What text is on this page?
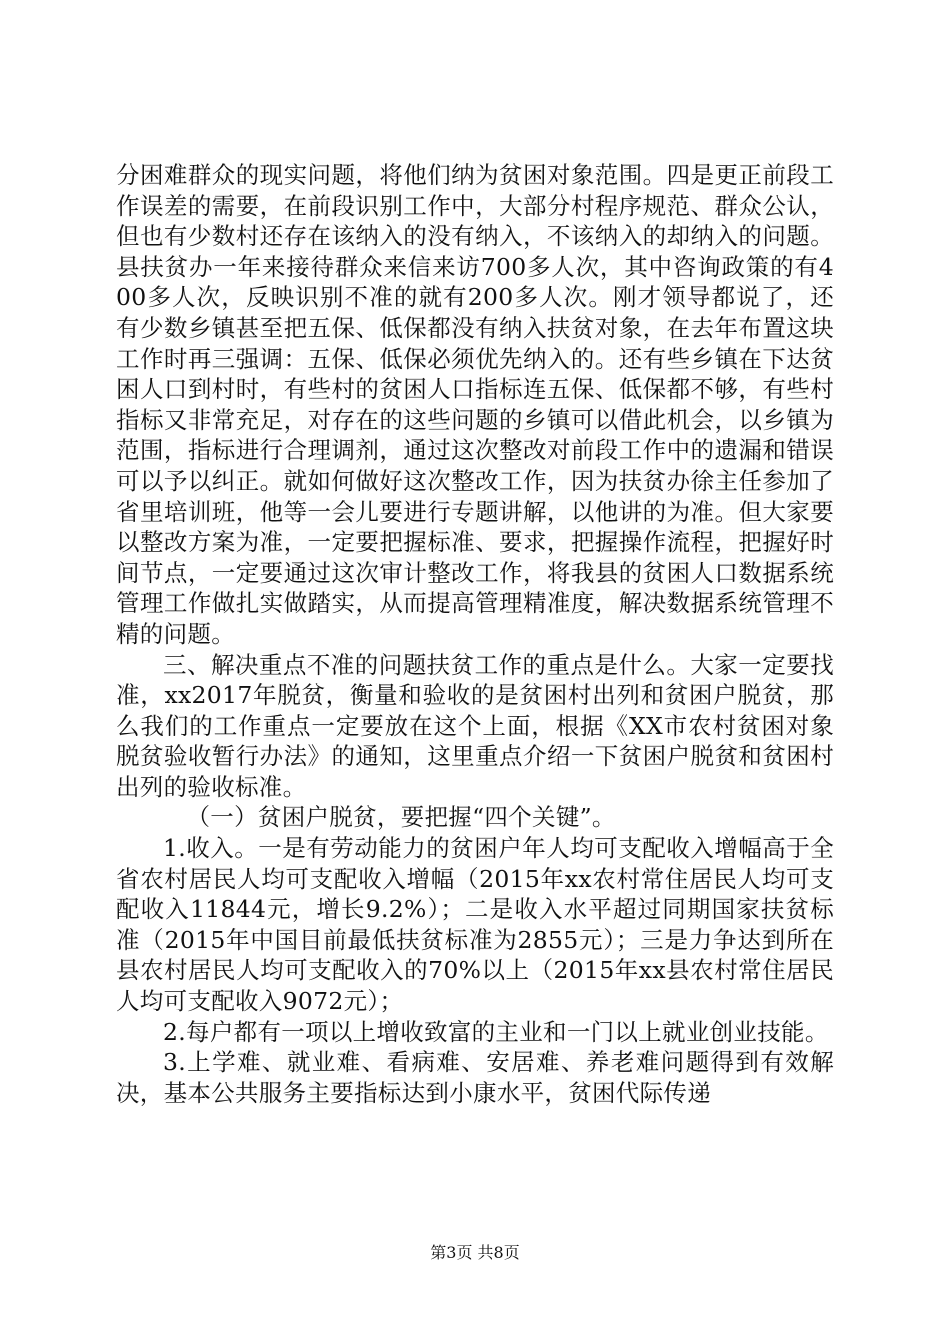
分困难群众的现实问题，将他们纳为贫困对象范围。四是更正前段工作误差的需要，在前段识别工作中，大部分村程序规范、群众公认，但也有少数村还存在该纳入的没有纳入，不该纳入的却纳入的问题。县扶贫办一年来接待群众来信来访700多人次，其中咨询政策的有400多人次，反映识别不准的就有200多人次。刚才领导都说了，还有少数乡镇甚至把五保、低保都没有纳入扶贫对象，在去年布置这块工作时再三强调：五保、低保必须优先纳入的。还有些乡镇在下达贫困人口到村时，有些村的贫困人口指标连五保、低保都不够，有些村指标又非常充足，对存在的这些问题的乡镇可以借此机会，以乡镇为范围，指标进行合理调剂，通过这次整改对前段工作中的遗漏和错误可以予以纠正。就如何做好这次整改工作，因为扶贫办徐主任参加了省里培训班，他等一会儿要进行专题讲解，以他讲的为准。但大家要以整改方案为准，一定要把握标准、要求，把握操作流程，把握好时间节点，一定要通过这次审计整改工作，将我县的贫困人口数据系统管理工作做扎实做踏实，从而提高管理精准度，解决数据系统管理不精的问题。

三、解决重点不准的问题扶贫工作的重点是什么。大家一定要找准，xx2017年脱贫，衡量和验收的是贫困村出列和贫困户脱贫，那么我们的工作重点一定要放在这个上面，根据《XX市农村贫困对象脱贫验收暂行办法》的通知，这里重点介绍一下贫困户脱贫和贫困村出列的验收标准。

（一）贫困户脱贫，要把握“四个关键”。

1.收入。一是有劳动能力的贫困户年人均可支配收入增幅高于全省农村居民人均可支配收入增幅（2015年xx农村常住居民人均可支配收入11844元，增长9.2%）；二是收入水平超过同期国家扶贫标准（2015年中国目前最低扶贫标准为2855元）；三是力争达到所在县农村居民人均可支配收入的70%以上（2015年xx县农村常住居民人均可支配收入9072元）；

2.每户都有一项以上增收致富的主业和一门以上就业创业技能。

3.上学难、就业难、看病难、安居难、养老难问题得到有效解决，基本公共服务主要指标达到小康水平，贫困代际传递

第3页 共8页
